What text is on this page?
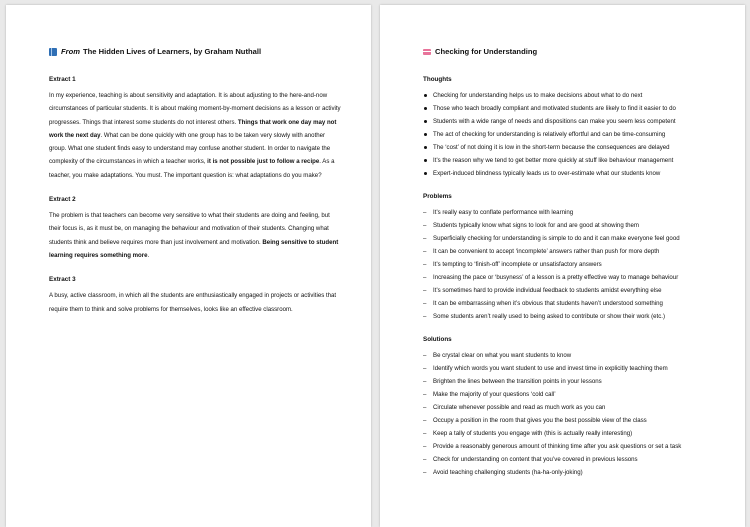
From The Hidden Lives of Learners, by Graham Nuthall
Extract 1

In my experience, teaching is about sensitivity and adaptation. It is about adjusting to the here-and-now circumstances of particular students. It is about making moment-by-moment decisions as a lesson or activity progresses. Things that interest some students do not interest others. Things that work one day may not work the next day. What can be done quickly with one group has to be taken very slowly with another group. What one student finds easy to understand may confuse another student. In order to navigate the complexity of the circumstances in which a teacher works, it is not possible just to follow a recipe. As a teacher, you make adaptations. You must. The important question is: what adaptations do you make?

Extract 2

The problem is that teachers can become very sensitive to what their students are doing and feeling, but their focus is, as it must be, on managing the behaviour and motivation of their students. Changing what students think and believe requires more than just involvement and motivation. Being sensitive to student learning requires something more.

Extract 3

A busy, active classroom, in which all the students are enthusiastically engaged in projects or activities that require them to think and solve problems for themselves, looks like an effective classroom.

Checking for Understanding
Thoughts
Checking for understanding helps us to make decisions about what to do next
Those who teach broadly compliant and motivated students are likely to find it easier to do
Students with a wide range of needs and dispositions can make you seem less competent
The act of checking for understanding is relatively effortful and can be time-consuming
The ‘cost’ of not doing it is low in the short-term because the consequences are delayed
It’s the reason why we tend to get better more quickly at stuff like behaviour management
Expert-induced blindness typically leads us to over-estimate what our students know
Problems
– It’s really easy to conflate performance with learning
– Students typically know what signs to look for and are good at showing them
– Superficially checking for understanding is simple to do and it can make everyone feel good
– It can be convenient to accept ‘incomplete’ answers rather than push for more depth
– It’s tempting to ‘finish-off’ incomplete or unsatisfactory answers
– Increasing the pace or ‘busyness’ of a lesson is a pretty effective way to manage behaviour
– It’s sometimes hard to provide individual feedback to students amidst everything else
– It can be embarrassing when it’s obvious that students haven’t understood something
– Some students aren’t really used to being asked to contribute or show their work (etc.)
Solutions
– Be crystal clear on what you want students to know
– Identify which words you want student to use and invest time in explicitly teaching them
– Brighten the lines between the transition points in your lessons
– Make the majority of your questions ‘cold call’
– Circulate whenever possible and read as much work as you can
– Occupy a position in the room that gives you the best possible view of the class
– Keep a tally of students you engage with (this is actually really interesting)
– Provide a reasonably generous amount of thinking time after you ask questions or set a task
– Check for understanding on content that you’ve covered in previous lessons
– Avoid teaching challenging students (ha-ha-only-joking)
